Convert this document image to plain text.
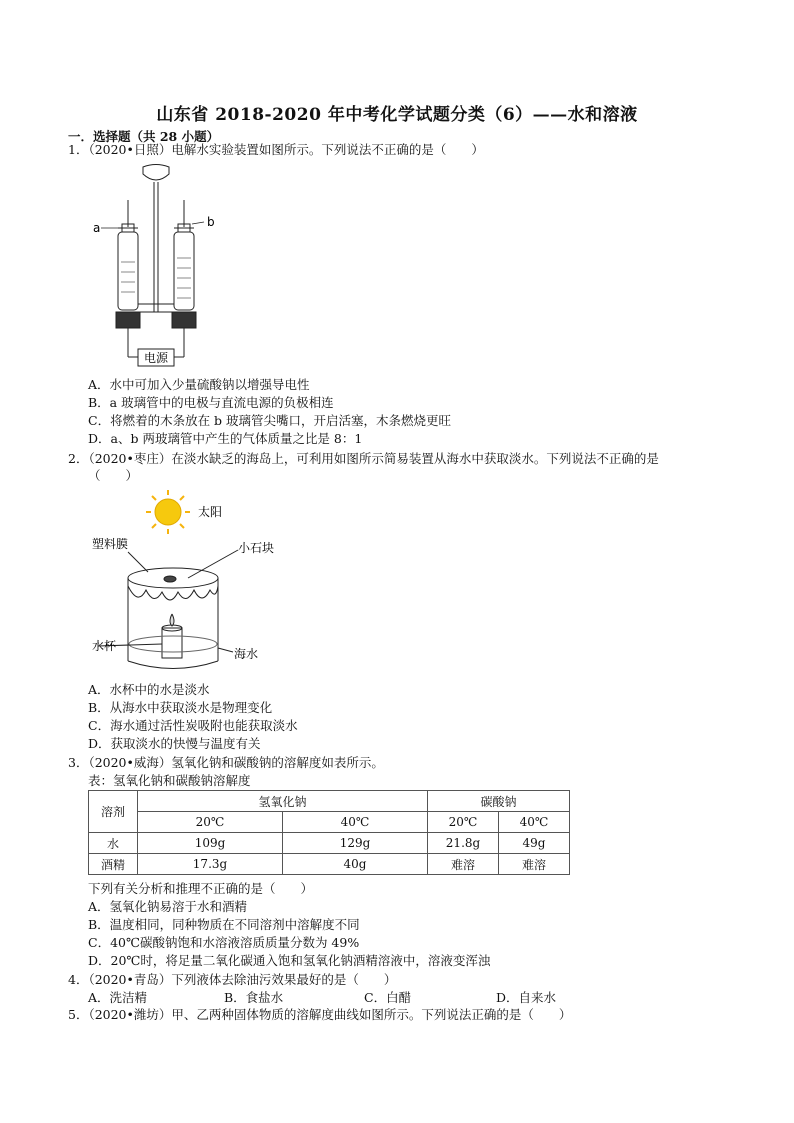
山东省 2018-2020 年中考化学试题分类（6）——水和溶液
一．选择题（共 28 小题）
1．（2020•日照）电解水实验装置如图所示。下列说法不正确的是（　　）
a	b
电源
A．水中可加入少量硫酸钠以增强导电性
B．a 玻璃管中的电极与直流电源的负极相连
C．将燃着的木条放在 b 玻璃管尖嘴口，开启活塞，木条燃烧更旺
D．a、b 两玻璃管中产生的气体质量之比是 8：1
2．（2020•枣庄）在淡水缺乏的海岛上，可利用如图所示简易装置从海水中获取淡水。下列说法不正确的是
（　　）
太阳
塑料膜	小石块
水杯
海水
A．水杯中的水是淡水
B．从海水中获取淡水是物理变化
C．海水通过活性炭吸附也能获取淡水
D．获取淡水的快慢与温度有关
3．（2020•威海）氢氧化钠和碳酸钠的溶解度如表所示。
表：氢氧化钠和碳酸钠溶解度
溶剂	氢氧化钠		碳酸钠	
	20℃	40℃	20℃	40℃
水	109g	129g	21.8g	49g
酒精	17.3g	40g	难溶	难溶
下列有关分析和推理不正确的是（　　）
A．氢氧化钠易溶于水和酒精
B．温度相同，同种物质在不同溶剂中溶解度不同
C．40℃碳酸钠饱和水溶液溶质质量分数为 49%
D．20℃时，将足量二氧化碳通入饱和氢氧化钠酒精溶液中，溶液变浑浊
4．（2020•青岛）下列液体去除油污效果最好的是（　　）
A．洗洁精	B．食盐水	C．白醋	D．自来水
5．（2020•潍坊）甲、乙两种固体物质的溶解度曲线如图所示。下列说法正确的是（　　）
